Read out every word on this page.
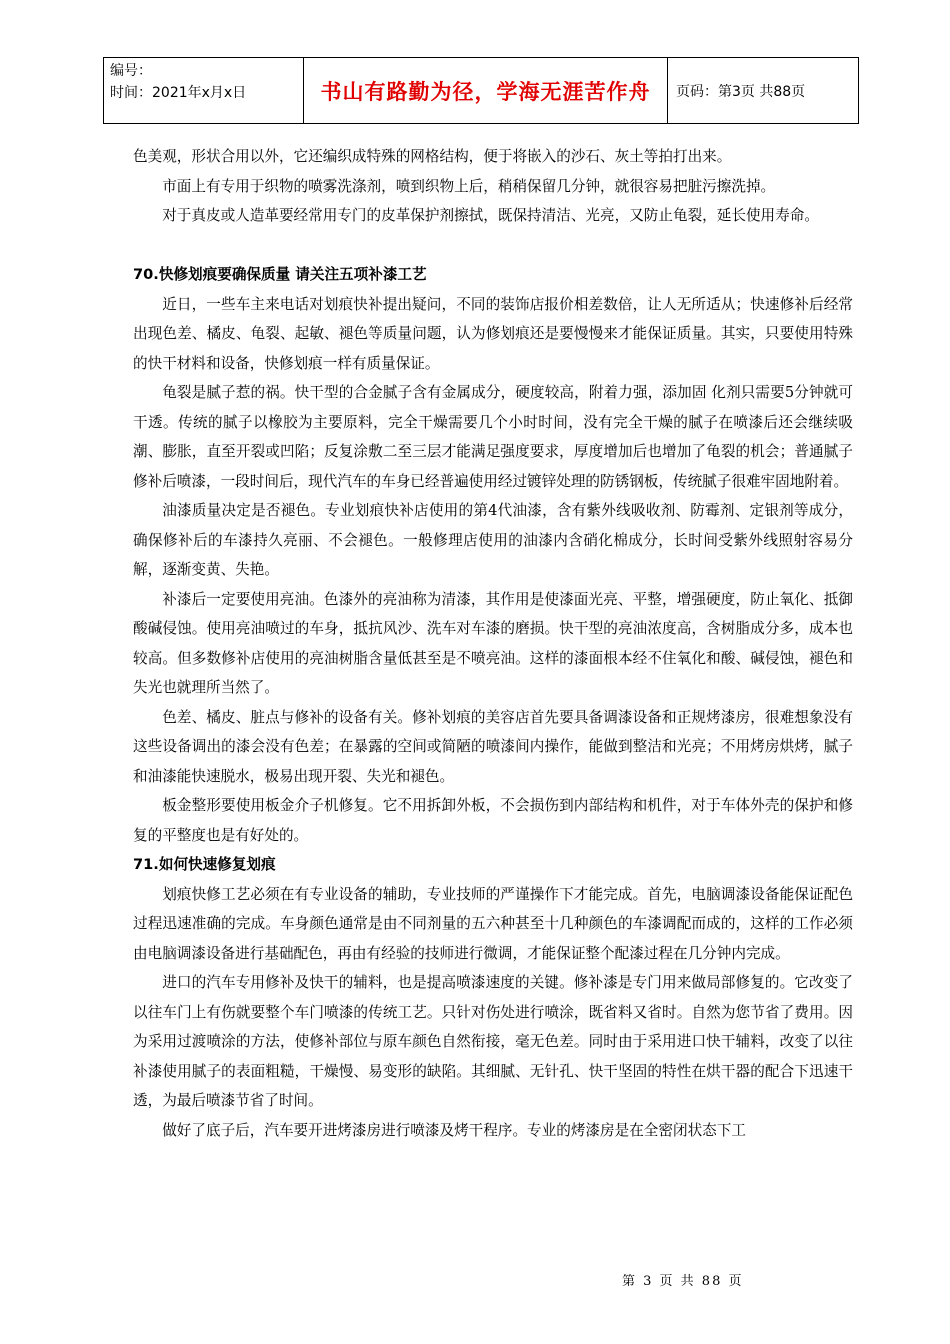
编号：
时间：2021年x月x日	书山有路勤为径，学海无涯苦作舟	页码：第3页 共88页

色美观，形状合用以外，它还编织成特殊的网格结构，便于将嵌入的沙石、灰土等拍打出来。

市面上有专用于织物的喷雾洗涤剂，喷到织物上后，稍稍保留几分钟，就很容易把脏污擦洗掉。

对于真皮或人造革要经常用专门的皮革保护剂擦拭，既保持清洁、光亮，又防止龟裂，延长使用寿命。

70.快修划痕要确保质量 请关注五项补漆工艺

近日，一些车主来电话对划痕快补提出疑问，不同的装饰店报价相差数倍，让人无所适从；快速修补后经常出现色差、橘皮、龟裂、起敏、褪色等质量问题，认为修划痕还是要慢慢来才能保证质量。其实，只要使用特殊的快干材料和设备，快修划痕一样有质量保证。

龟裂是腻子惹的祸。快干型的合金腻子含有金属成分，硬度较高，附着力强，添加固 化剂只需要5分钟就可干透。传统的腻子以橡胶为主要原料，完全干燥需要几个小时时间，没有完全干燥的腻子在喷漆后还会继续吸潮、膨胀，直至开裂或凹陷；反复涂敷二至三层才能满足强度要求，厚度增加后也增加了龟裂的机会；普通腻子修补后喷漆，一段时间后，现代汽车的车身已经普遍使用经过镀锌处理的防锈钢板，传统腻子很难牢固地附着。

油漆质量决定是否褪色。专业划痕快补店使用的第4代油漆，含有紫外线吸收剂、防霉剂、定银剂等成分，确保修补后的车漆持久亮丽、不会褪色。一般修理店使用的油漆内含硝化棉成分，长时间受紫外线照射容易分解，逐渐变黄、失艳。

补漆后一定要使用亮油。色漆外的亮油称为清漆，其作用是使漆面光亮、平整，增强硬度，防止氧化、抵御酸碱侵蚀。使用亮油喷过的车身，抵抗风沙、洗车对车漆的磨损。快干型的亮油浓度高，含树脂成分多，成本也较高。但多数修补店使用的亮油树脂含量低甚至是不喷亮油。这样的漆面根本经不住氧化和酸、碱侵蚀，褪色和失光也就理所当然了。

色差、橘皮、脏点与修补的设备有关。修补划痕的美容店首先要具备调漆设备和正规烤漆房，很难想象没有这些设备调出的漆会没有色差；在暴露的空间或简陋的喷漆间内操作，能做到整洁和光亮；不用烤房烘烤，腻子和油漆能快速脱水，极易出现开裂、失光和褪色。

板金整形要使用板金介子机修复。它不用拆卸外板，不会损伤到内部结构和机件，对于车体外壳的保护和修复的平整度也是有好处的。

71.如何快速修复划痕

划痕快修工艺必须在有专业设备的辅助，专业技师的严谨操作下才能完成。首先，电脑调漆设备能保证配色过程迅速准确的完成。车身颜色通常是由不同剂量的五六种甚至十几种颜色的车漆调配而成的，这样的工作必须由电脑调漆设备进行基础配色，再由有经验的技师进行微调，才能保证整个配漆过程在几分钟内完成。

进口的汽车专用修补及快干的辅料，也是提高喷漆速度的关键。修补漆是专门用来做局部修复的。它改变了以往车门上有伤就要整个车门喷漆的传统工艺。只针对伤处进行喷涂，既省料又省时。自然为您节省了费用。因为采用过渡喷涂的方法，使修补部位与原车颜色自然衔接，毫无色差。同时由于采用进口快干辅料，改变了以往补漆使用腻子的表面粗糙，干燥慢、易变形的缺陷。其细腻、无针孔、快干坚固的特性在烘干器的配合下迅速干透，为最后喷漆节省了时间。

做好了底子后，汽车要开进烤漆房进行喷漆及烤干程序。专业的烤漆房是在全密闭状态下工

第 3 页 共 88 页
